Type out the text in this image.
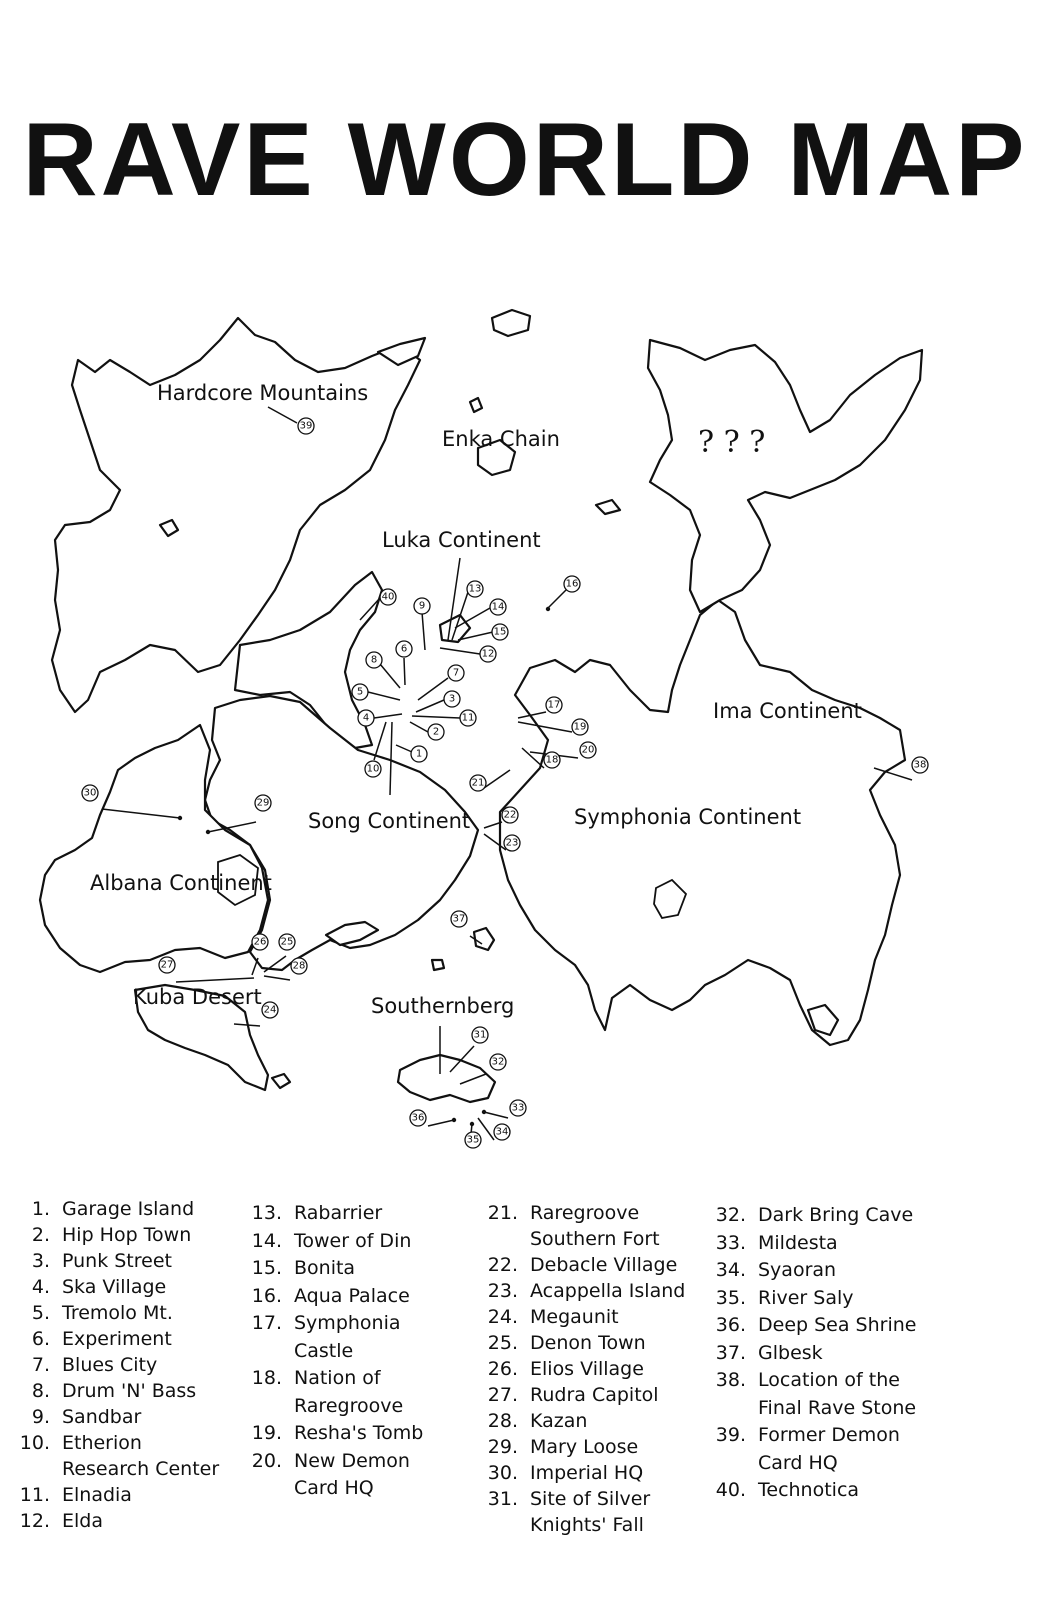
RAVE WORLD MAP
Hardcore Mountains
Enka Chain
Luka Continent
? ? ?
Ima Continent
Song Continent	Symphonia Continent
Albana Continent
Kuba Desert	Southernberg
1
2
3
4
5
6
7
8
9
10
11
12
13
14
15
16
17
18
19
20
21
22
23
24
25
26
27	28
29
30
31
32
33
34
35
36
37
38
39
40
1. Garage Island
2. Hip Hop Town
3. Punk Street
4. Ska Village
5. Tremolo Mt.
6. Experiment
7. Blues City
8. Drum 'N' Bass
9. Sandbar
10. Etherion
Research Center
11. Elnadia
12. Elda
13. Rabarrier
14. Tower of Din
15. Bonita
16. Aqua Palace
17. Symphonia
Castle
18. Nation of
Raregroove
19. Resha's Tomb
20. New Demon
Card HQ
21. Raregroove
Southern Fort
22. Debacle Village
23. Acappella Island
24. Megaunit
25. Denon Town
26. Elios Village
27. Rudra Capitol
28. Kazan
29. Mary Loose
30. Imperial HQ
31. Site of Silver
Knights' Fall
32. Dark Bring Cave
33. Mildesta
34. Syaoran
35. River Saly
36. Deep Sea Shrine
37. Glbesk
38. Location of the
Final Rave Stone
39. Former Demon
Card HQ
40. Technotica
